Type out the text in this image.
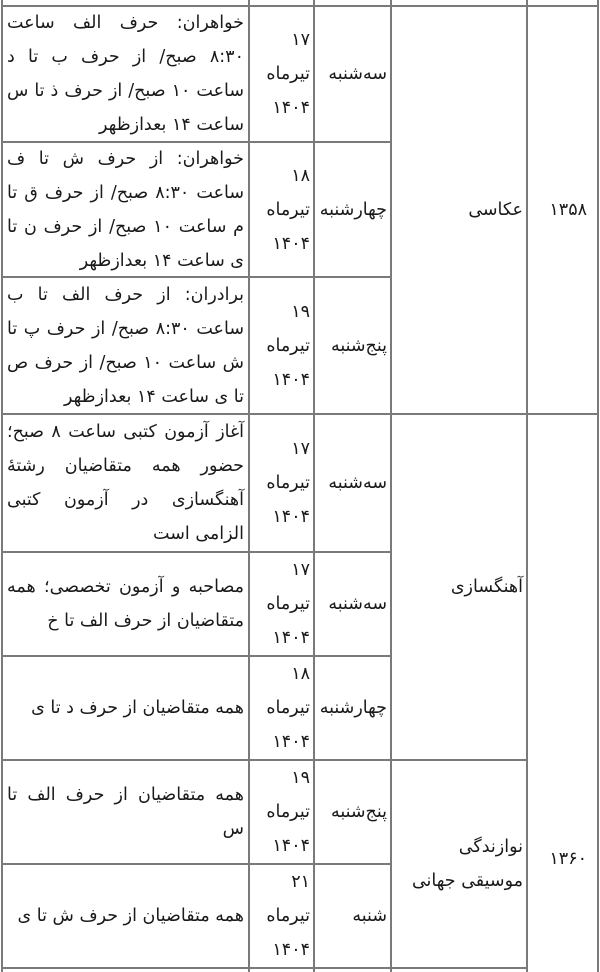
۱۳۵۸
عکاسی
سه‌شنبه
۱۷
تیرماه
۱۴۰۴
خواهران: حرف الف ساعت ۸:۳۰ صبح/ از حرف ب تا د ساعت ۱۰ صبح/ از حرف ذ تا س ساعت ۱۴ بعدازظهر
چهارشنبه
۱۸
تیرماه
۱۴۰۴
خواهران: از حرف ش تا ف ساعت ۸:۳۰ صبح/ از حرف ق تا م ساعت ۱۰ صبح/ از حرف ن تا ی ساعت ۱۴ بعدازظهر
پنج‌شنبه
۱۹
تیرماه
۱۴۰۴
برادران: از حرف الف تا ب ساعت ۸:۳۰ صبح/ از حرف پ تا ش ساعت ۱۰ صبح/ از حرف ص تا ی ساعت ۱۴ بعدازظهر
۱۳۶۰
آهنگسازی
سه‌شنبه
۱۷
تیرماه
۱۴۰۴
آغاز آزمون کتبی ساعت ۸ صبح؛ حضور همه متقاضیان رشتهٔ آهنگسازی در آزمون کتبی الزامی است
سه‌شنبه
۱۷
تیرماه
۱۴۰۴
مصاحبه و آزمون تخصصی؛ همه متقاضیان از حرف الف تا خ
چهارشنبه
۱۸
تیرماه
۱۴۰۴
همه متقاضیان از حرف د تا ی
نوازندگی
موسیقی جهانی
پنج‌شنبه
۱۹
تیرماه
۱۴۰۴
همه متقاضیان از حرف الف تا س
شنبه
۲۱
تیرماه
۱۴۰۴
همه متقاضیان از حرف ش تا ی
